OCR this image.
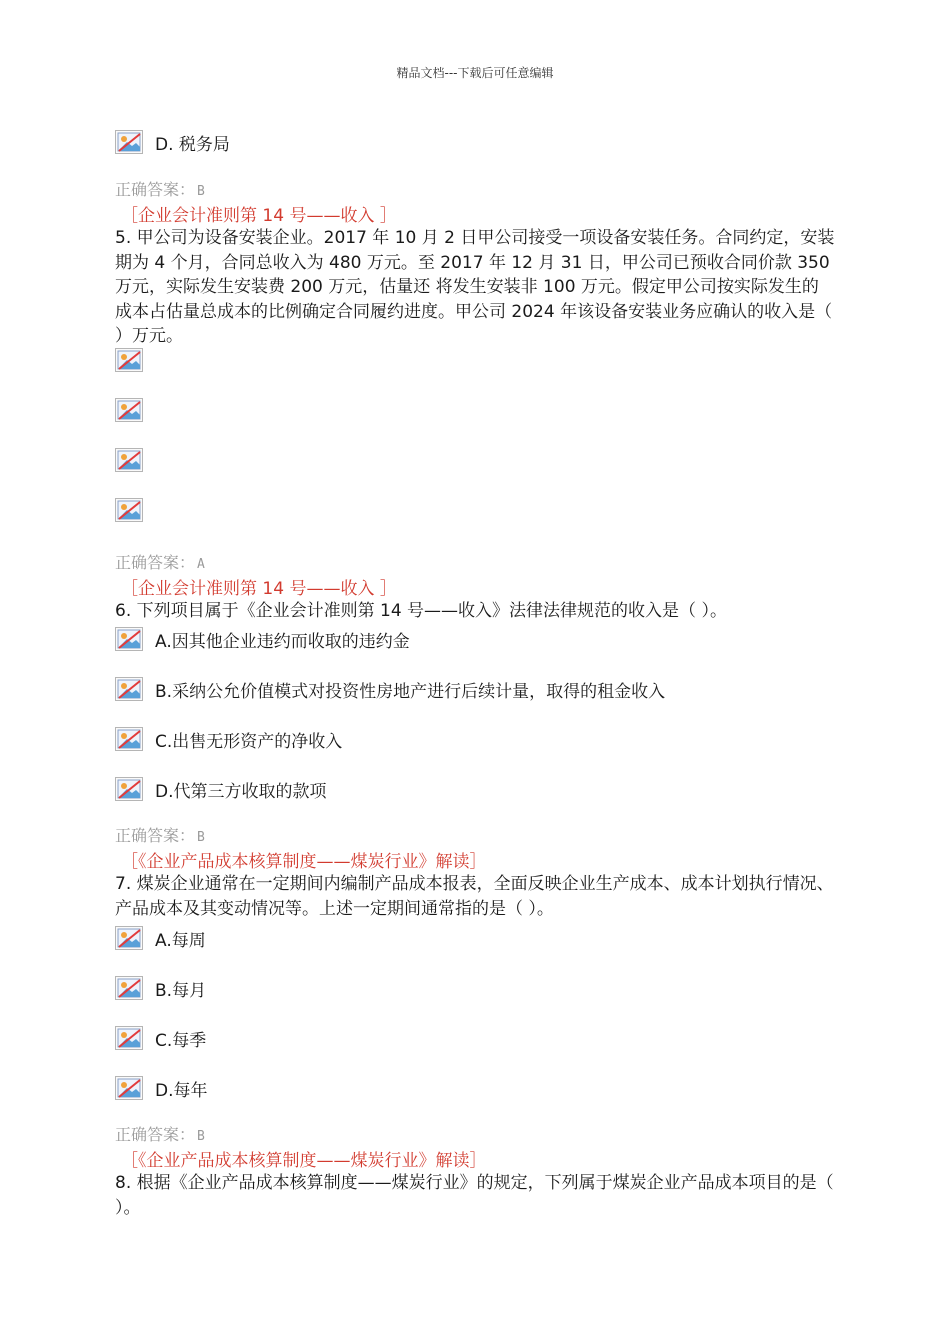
精品文档---下载后可任意编辑
D. 税务局
正确答案： B
［企业会计准则第 14 号——收入 ］
5. 甲公司为设备安装企业。2017 年 10 月 2 日甲公司接受一项设备安装任务。合同约定，安装期为 4 个月，合同总收入为 480 万元。至 2017 年 12 月 31 日，甲公司已预收合同价款 350 万元，实际发生安装费 200 万元，估量还 将发生安装非 100 万元。假定甲公司按实际发生的成本占估量总成本的比例确定合同履约进度。甲公司 2024 年该设备安装业务应确认的收入是（ ）万元。
正确答案： A
［企业会计准则第 14 号——收入 ］
6. 下列项目属于《企业会计准则第 14 号——收入》法律法律规范的收入是（ ）。
A.因其他企业违约而收取的违约金
B.采纳公允价值模式对投资性房地产进行后续计量，取得的租金收入
C.出售无形资产的净收入
D.代第三方收取的款项
正确答案： B
［《企业产品成本核算制度——煤炭行业》解读］
7. 煤炭企业通常在一定期间内编制产品成本报表，全面反映企业生产成本、成本计划执行情况、产品成本及其变动情况等。上述一定期间通常指的是（ ）。
A.每周
B.每月
C.每季
D.每年
正确答案： B
［《企业产品成本核算制度——煤炭行业》解读］
8. 根据《企业产品成本核算制度——煤炭行业》的规定，下列属于煤炭企业产品成本项目的是（ ）。
